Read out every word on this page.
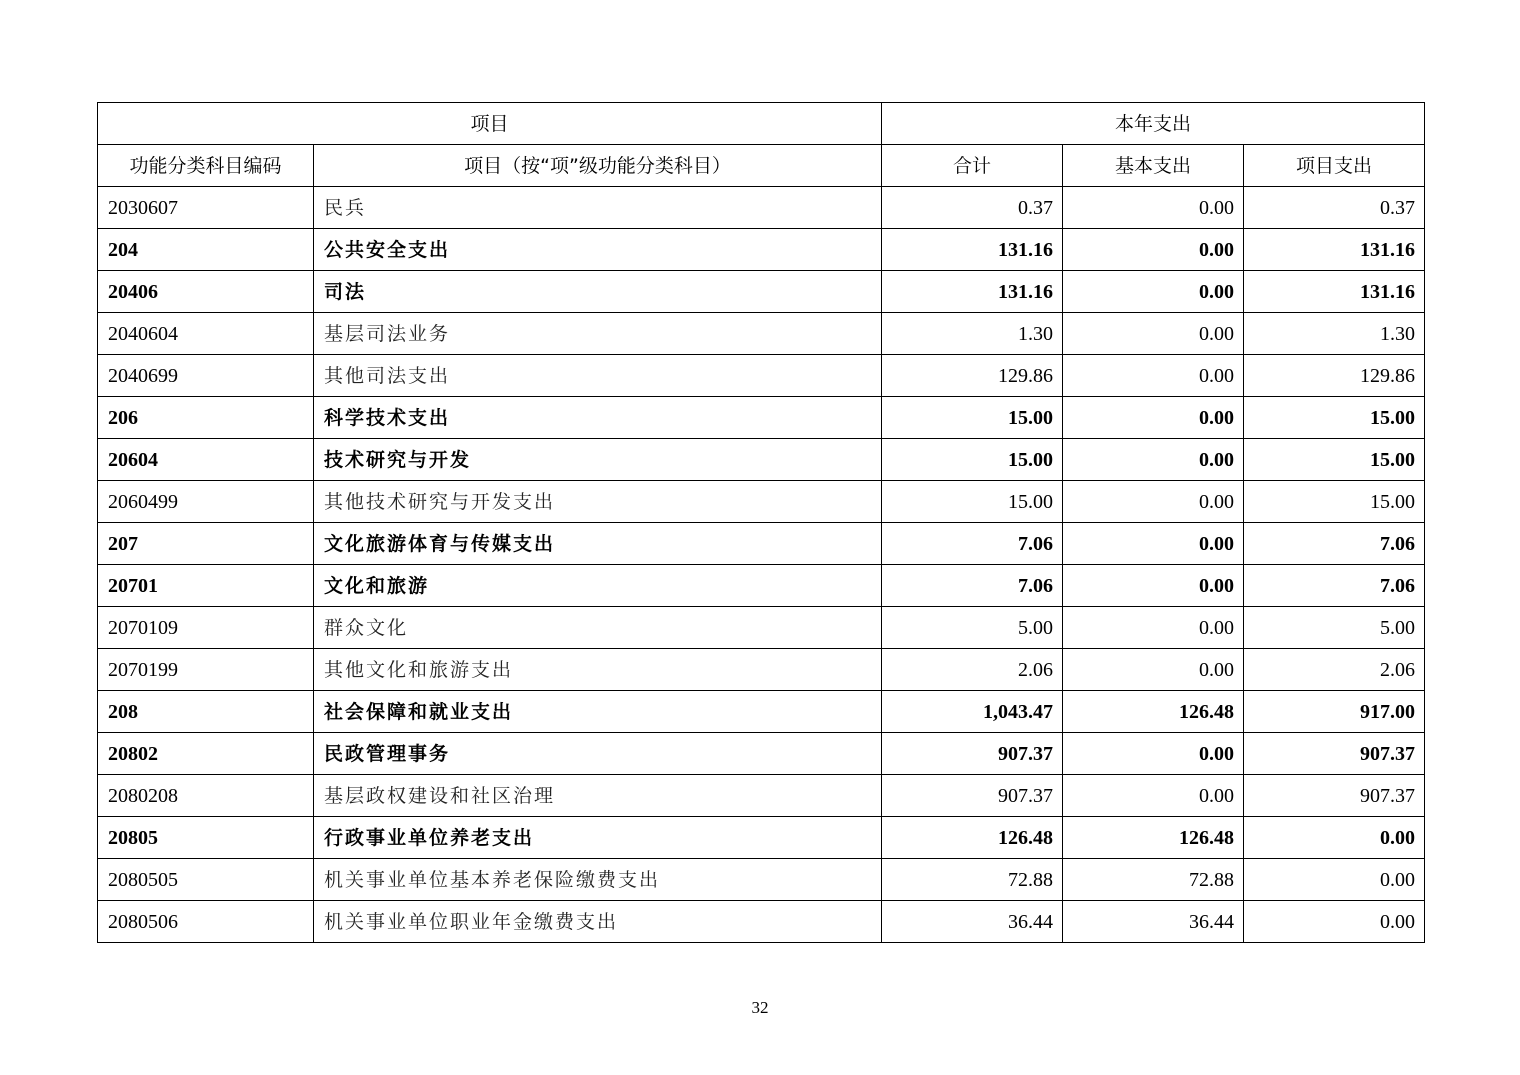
项目		本年支出		
功能分类科目编码	项目（按“项”级功能分类科目）	合计	基本支出	项目支出
2030607	民兵	0.37	0.00	0.37
204	公共安全支出	131.16	0.00	131.16
20406	司法	131.16	0.00	131.16
2040604	基层司法业务	1.30	0.00	1.30
2040699	其他司法支出	129.86	0.00	129.86
206	科学技术支出	15.00	0.00	15.00
20604	技术研究与开发	15.00	0.00	15.00
2060499	其他技术研究与开发支出	15.00	0.00	15.00
207	文化旅游体育与传媒支出	7.06	0.00	7.06
20701	文化和旅游	7.06	0.00	7.06
2070109	群众文化	5.00	0.00	5.00
2070199	其他文化和旅游支出	2.06	0.00	2.06
208	社会保障和就业支出	1,043.47	126.48	917.00
20802	民政管理事务	907.37	0.00	907.37
2080208	基层政权建设和社区治理	907.37	0.00	907.37
20805	行政事业单位养老支出	126.48	126.48	0.00
2080505	机关事业单位基本养老保险缴费支出	72.88	72.88	0.00
2080506	机关事业单位职业年金缴费支出	36.44	36.44	0.00
32
